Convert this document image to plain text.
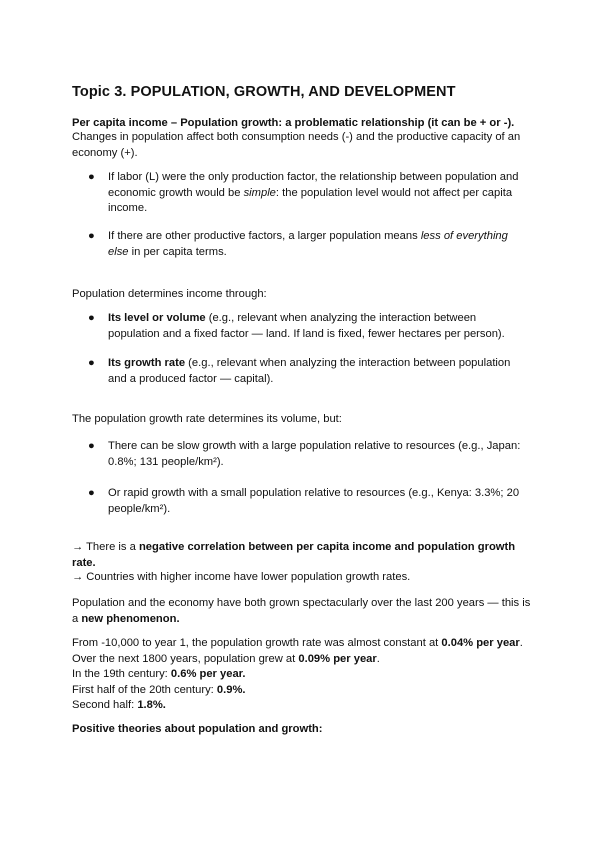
Topic 3. POPULATION, GROWTH, AND DEVELOPMENT
Per capita income – Population growth: a problematic relationship (it can be + or -).
Changes in population affect both consumption needs (-) and the productive capacity of an economy (+).
●	If labor (L) were the only production factor, the relationship between population and economic growth would be simple: the population level would not affect per capita income.
●	If there are other productive factors, a larger population means less of everything else in per capita terms.
Population determines income through:
●	Its level or volume (e.g., relevant when analyzing the interaction between population and a fixed factor — land. If land is fixed, fewer hectares per person).
●	Its growth rate (e.g., relevant when analyzing the interaction between population and a produced factor — capital).
The population growth rate determines its volume, but:
●	There can be slow growth with a large population relative to resources (e.g., Japan: 0.8%; 131 people/km²).
●	Or rapid growth with a small population relative to resources (e.g., Kenya: 3.3%; 20 people/km²).
→ There is a negative correlation between per capita income and population growth rate.
→ Countries with higher income have lower population growth rates.
Population and the economy have both grown spectacularly over the last 200 years — this is a new phenomenon.
From -10,000 to year 1, the population growth rate was almost constant at 0.04% per year.
Over the next 1800 years, population grew at 0.09% per year.
In the 19th century: 0.6% per year.
First half of the 20th century: 0.9%.
Second half: 1.8%.
Positive theories about population and growth:
